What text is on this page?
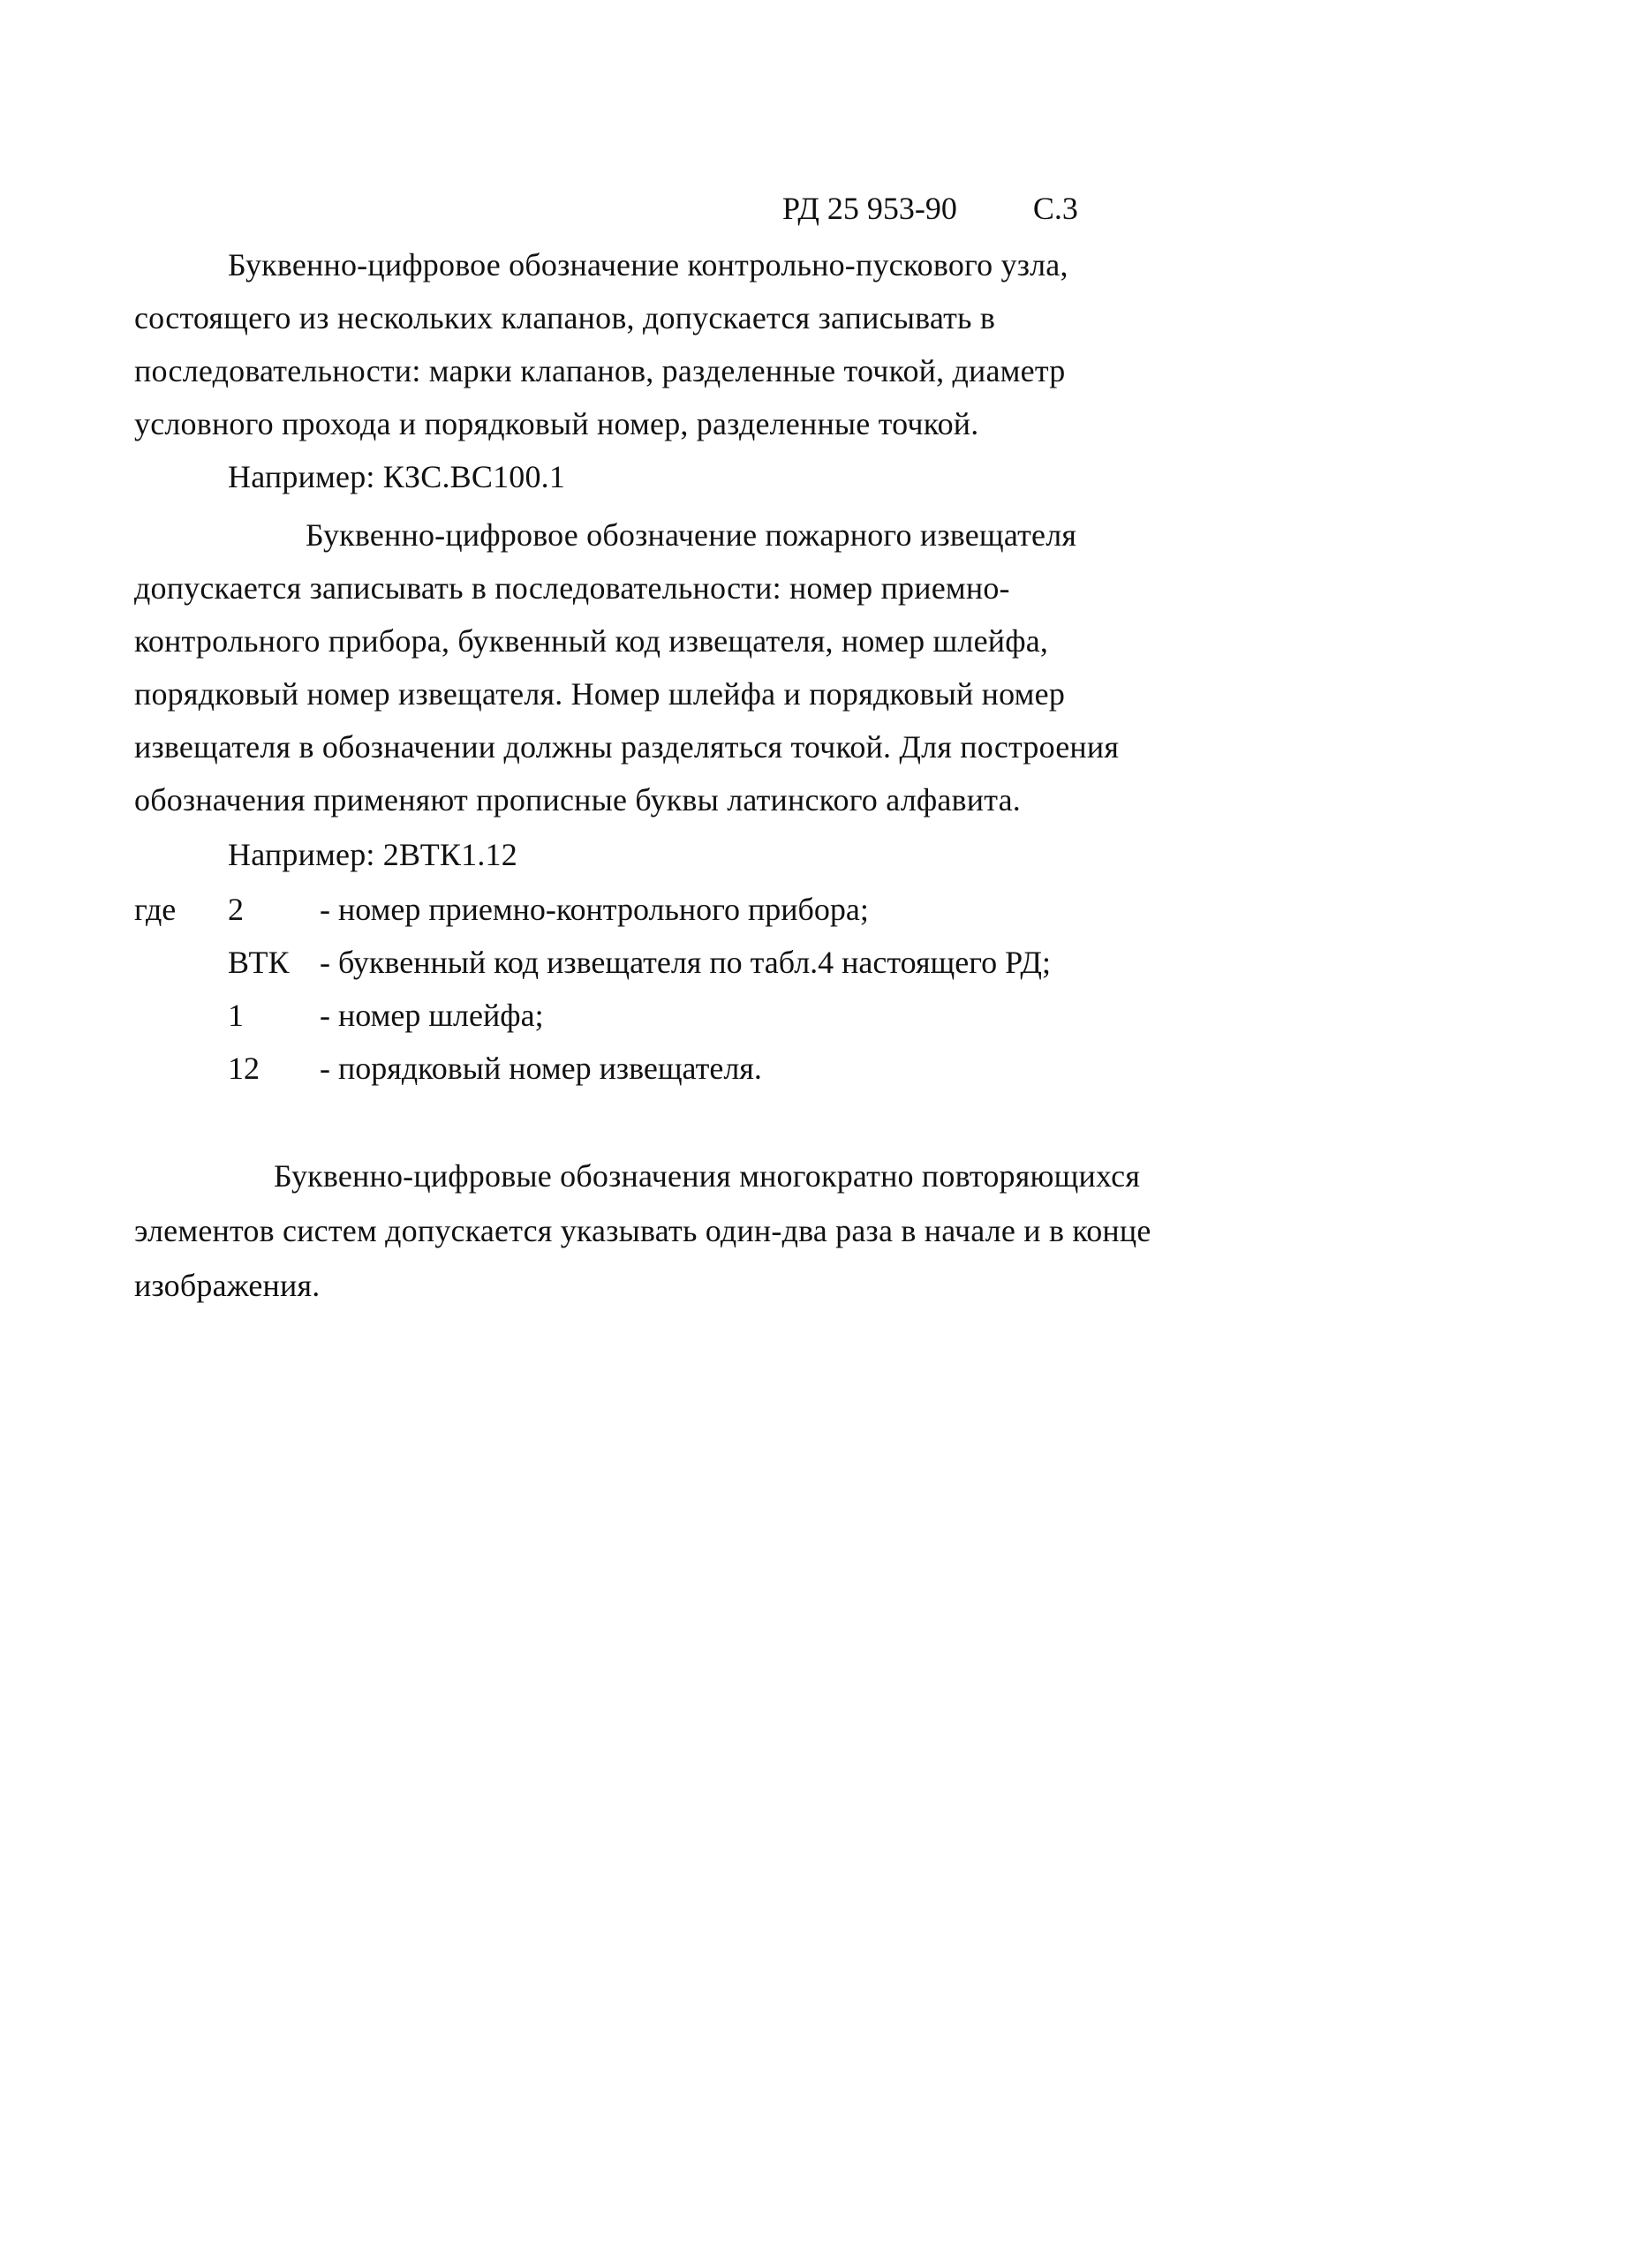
РД 25 953-90 С.3
Буквенно-цифровое обозначение контрольно-пускового узла,
состоящего из нескольких клапанов, допускается записывать в
последовательности: марки клапанов, разделенные точкой, диаметр
условного прохода и порядковый номер, разделенные точкой.
Например: КЗС.ВС100.1
Буквенно-цифровое обозначение пожарного извещателя
допускается записывать в последовательности: номер приемно-
контрольного прибора, буквенный код извещателя, номер шлейфа,
порядковый номер извещателя. Номер шлейфа и порядковый номер
извещателя в обозначении должны разделяться точкой. Для построения
обозначения применяют прописные буквы латинского алфавита.
Например: 2ВТК1.12
где 2 - номер приемно-контрольного прибора;
ВТК - буквенный код извещателя по табл.4 настоящего РД;
1 - номер шлейфа;
12 - порядковый номер извещателя.
Буквенно-цифровые обозначения многократно повторяющихся
элементов систем допускается указывать один-два раза в начале и в конце
изображения.
